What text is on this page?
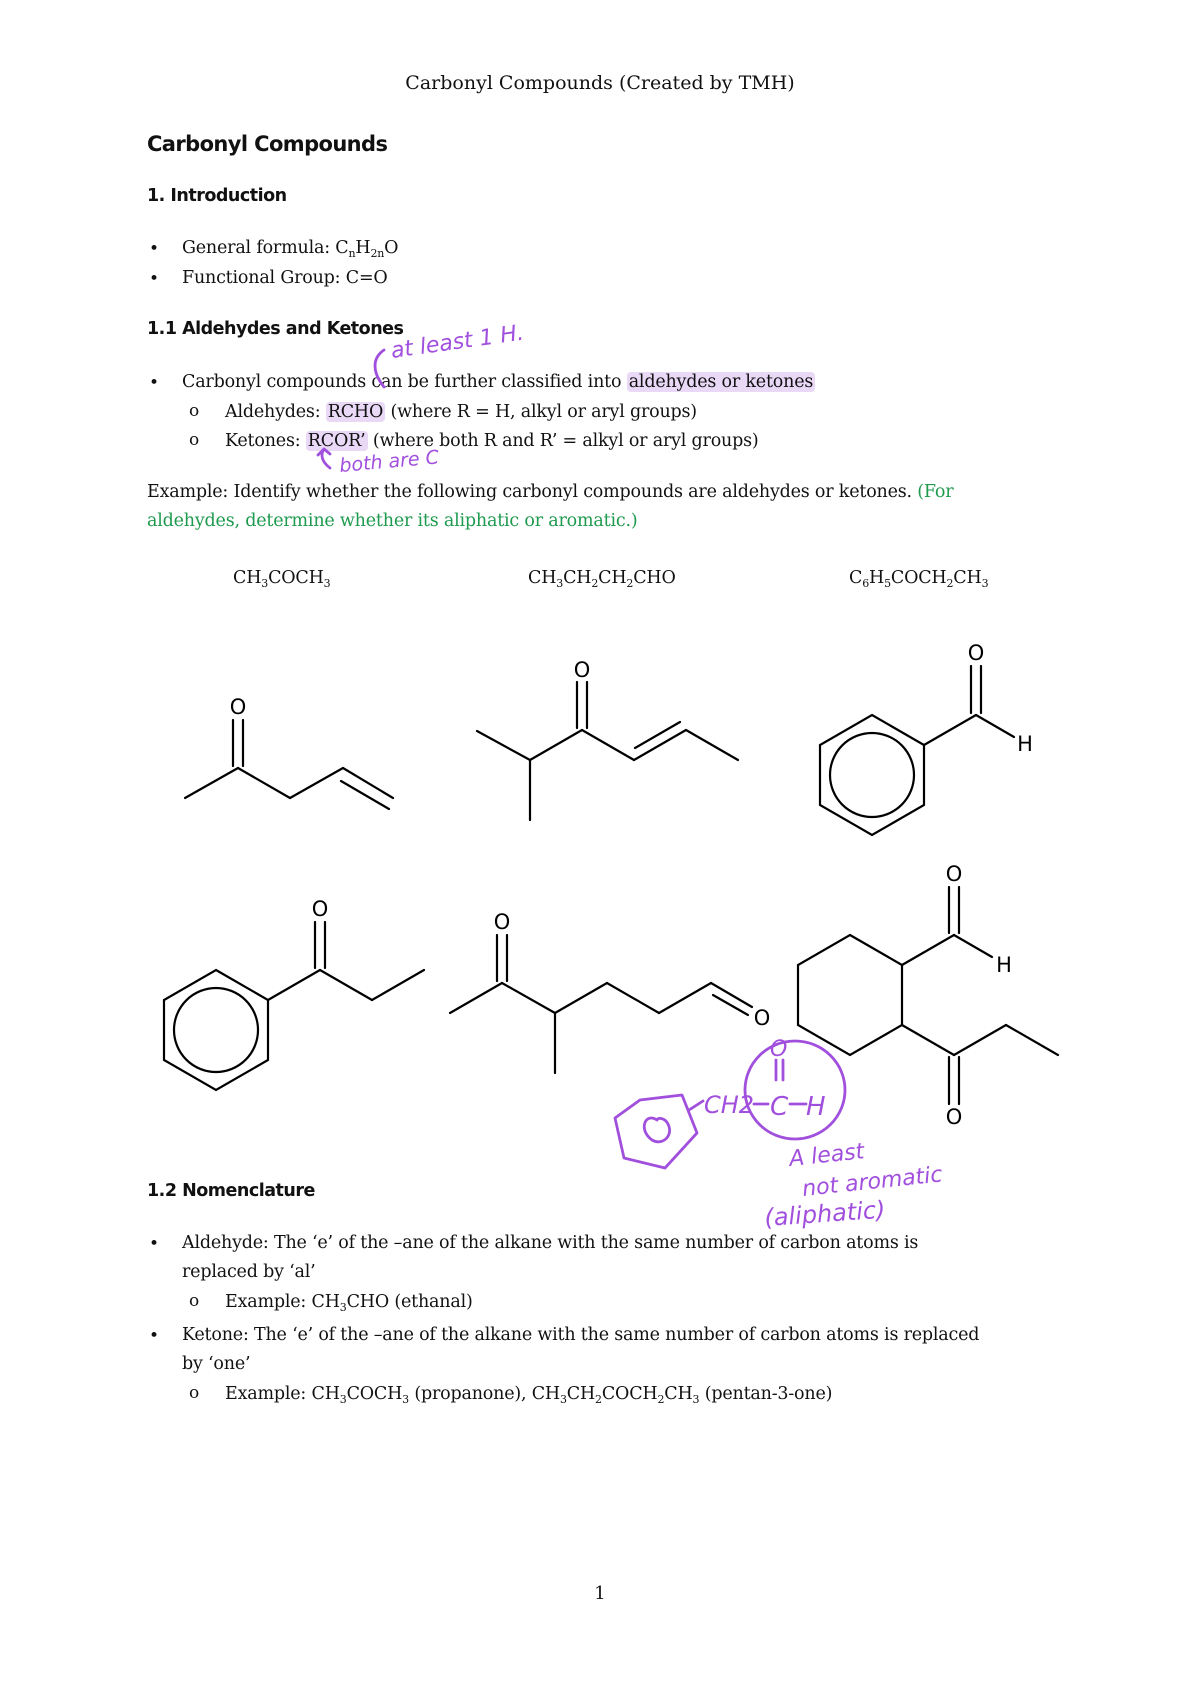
Carbonyl Compounds (Created by TMH)
Carbonyl Compounds
1. Introduction
• General formula: $C_nH_{2n}O$
• Functional Group: C=O
1.1 Aldehydes and Ketones
• Carbonyl compounds can be further classified into aldehydes or ketones
o Aldehydes: RCHO (where R = H, alkyl or aryl groups)
o Ketones: RCOR’ (where both R and R’ = alkyl or aryl groups)
Example: Identify whether the following carbonyl compounds are aldehydes or ketones. (For
aldehydes, determine whether its aliphatic or aromatic.)
$CH_3COCH_3$	$CH_3CH_2CH_2CHO$	$C_6H_5COCH_2CH_3$
O
O
O
H
O
O
O
O
H
O
at least 1 H.
both are C
CH2 C H
O
A least
not aromatic
(aliphatic)
1.2 Nomenclature
• Aldehyde: The ‘e’ of the –ane of the alkane with the same number of carbon atoms is
replaced by ‘al’
o Example: $CH_3CHO$ (ethanal)
• Ketone: The ‘e’ of the –ane of the alkane with the same number of carbon atoms is replaced
by ‘one’
o Example: $CH_3COCH_3$ (propanone), $CH_3CH_2COCH_2CH_3$ (pentan-3-one)
1
